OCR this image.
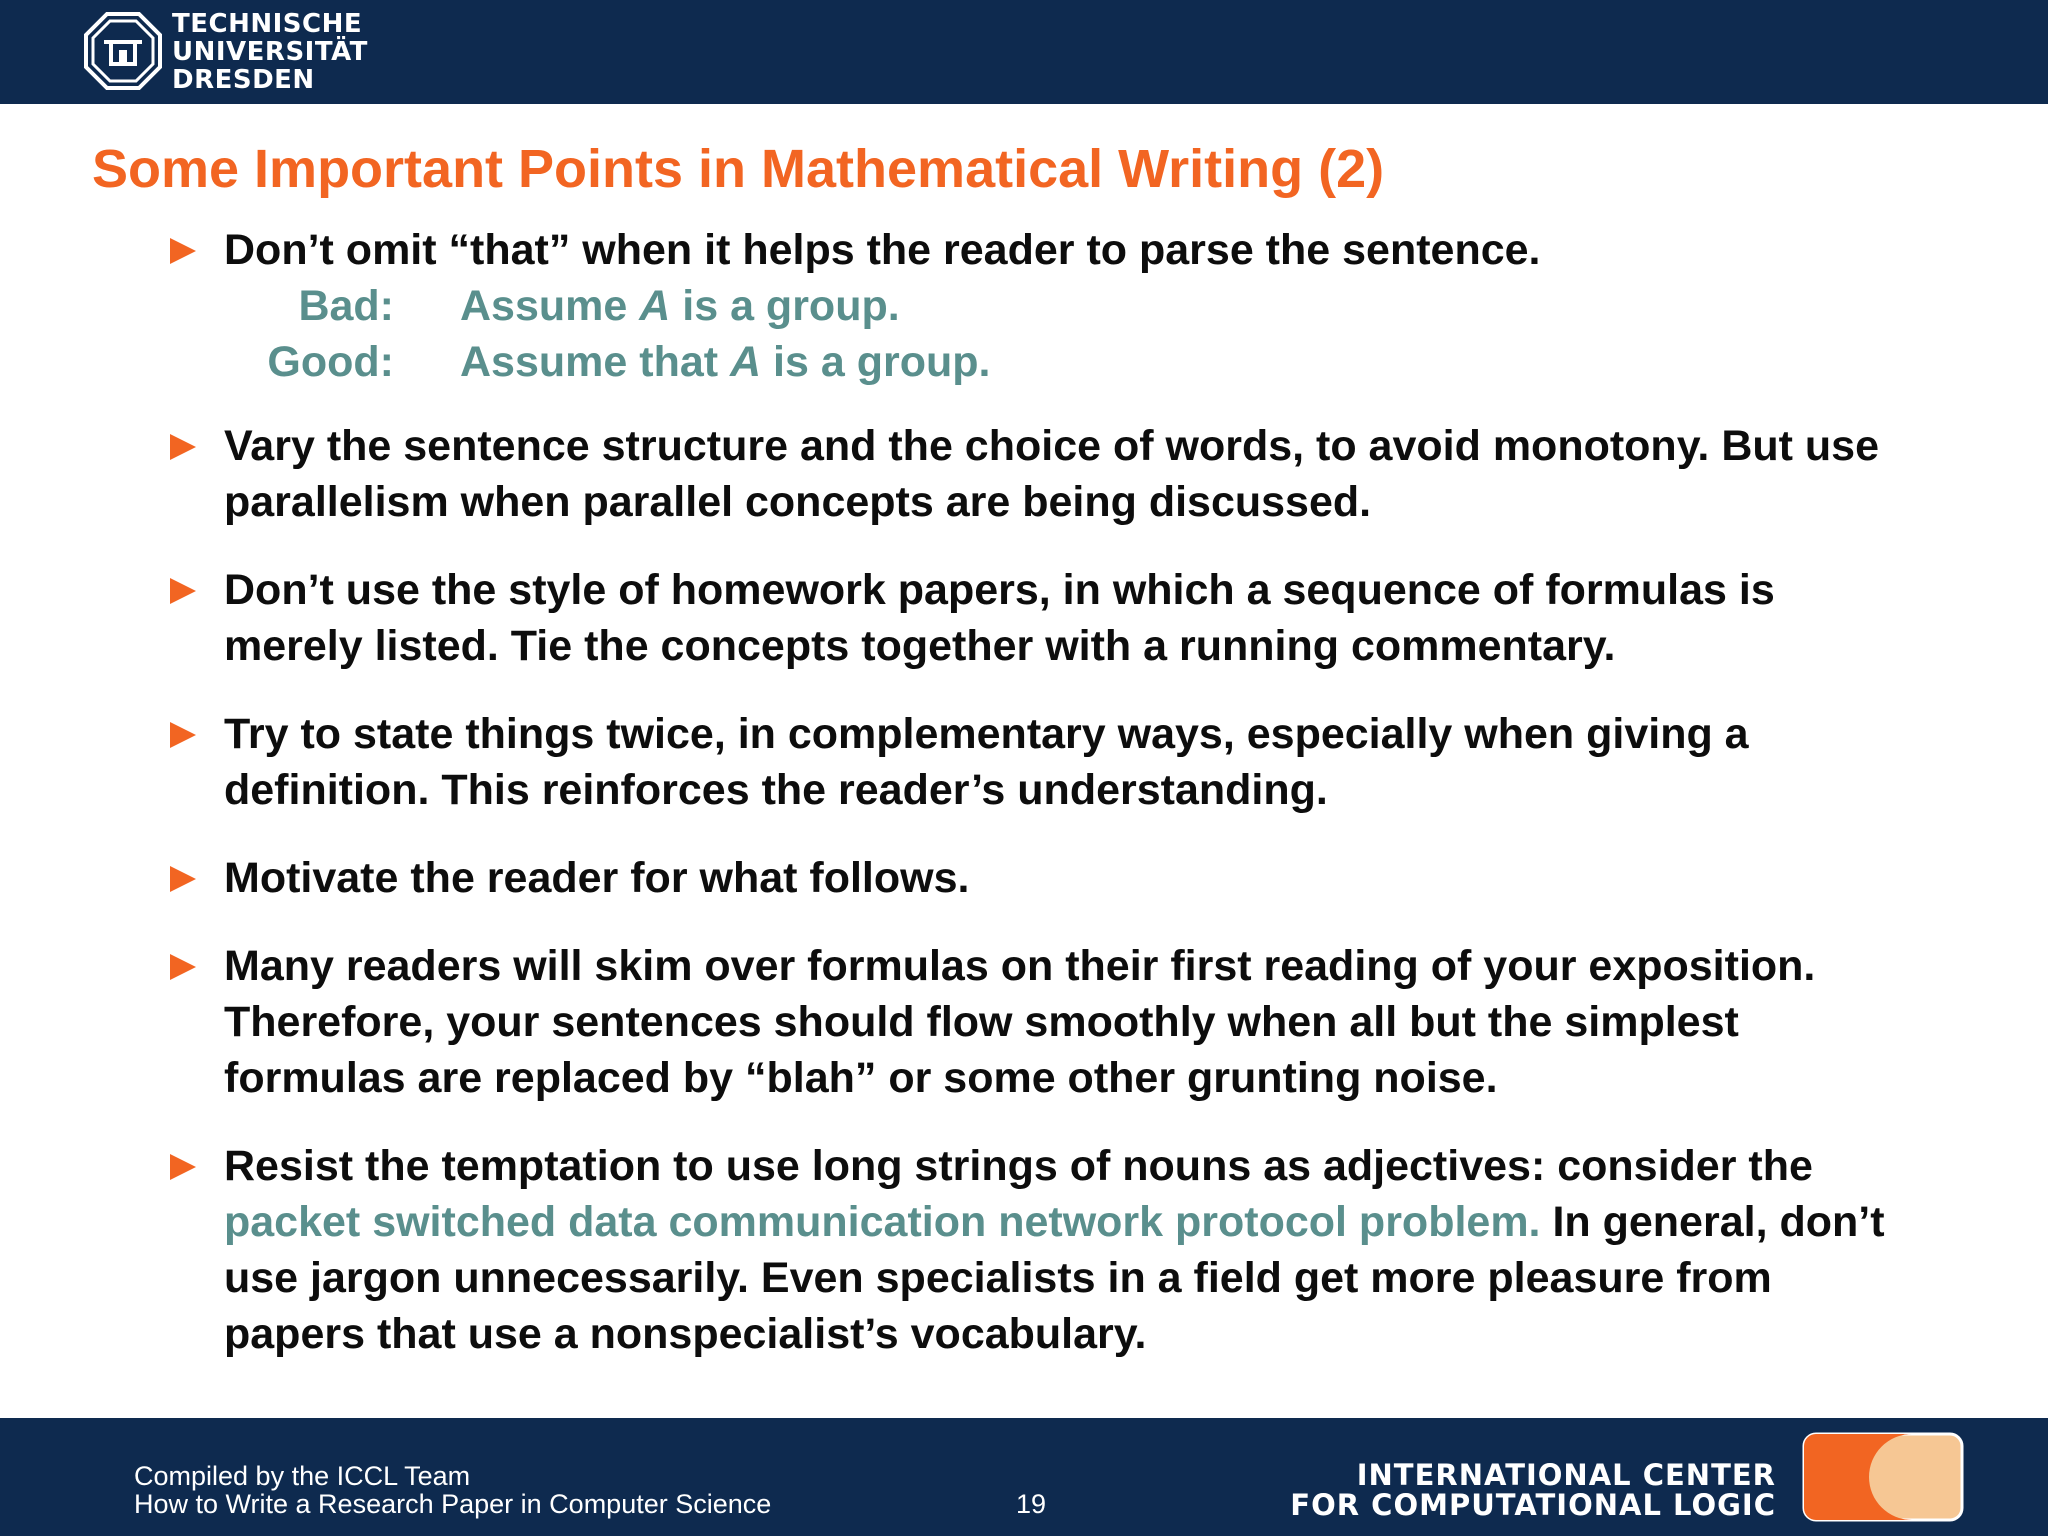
TECHNISCHE
UNIVERSITÄT
DRESDEN
Some Important Points in Mathematical Writing (2)
Don’t omit “that” when it helps the reader to parse the sentence.
Bad: Assume A is a group.
Good: Assume that A is a group.
Vary the sentence structure and the choice of words, to avoid monotony. But use parallelism when parallel concepts are being discussed.
Don’t use the style of homework papers, in which a sequence of formulas is merely listed. Tie the concepts together with a running commentary.
Try to state things twice, in complementary ways, especially when giving a definition. This reinforces the reader’s understanding.
Motivate the reader for what follows.
Many readers will skim over formulas on their first reading of your exposition. Therefore, your sentences should flow smoothly when all but the simplest formulas are replaced by “blah” or some other grunting noise.
Resist the temptation to use long strings of nouns as adjectives: consider the packet switched data communication network protocol problem. In general, don’t use jargon unnecessarily. Even specialists in a field get more pleasure from papers that use a nonspecialist’s vocabulary.
Compiled by the ICCL Team
How to Write a Research Paper in Computer Science	19
INTERNATIONAL CENTER
FOR COMPUTATIONAL LOGIC
